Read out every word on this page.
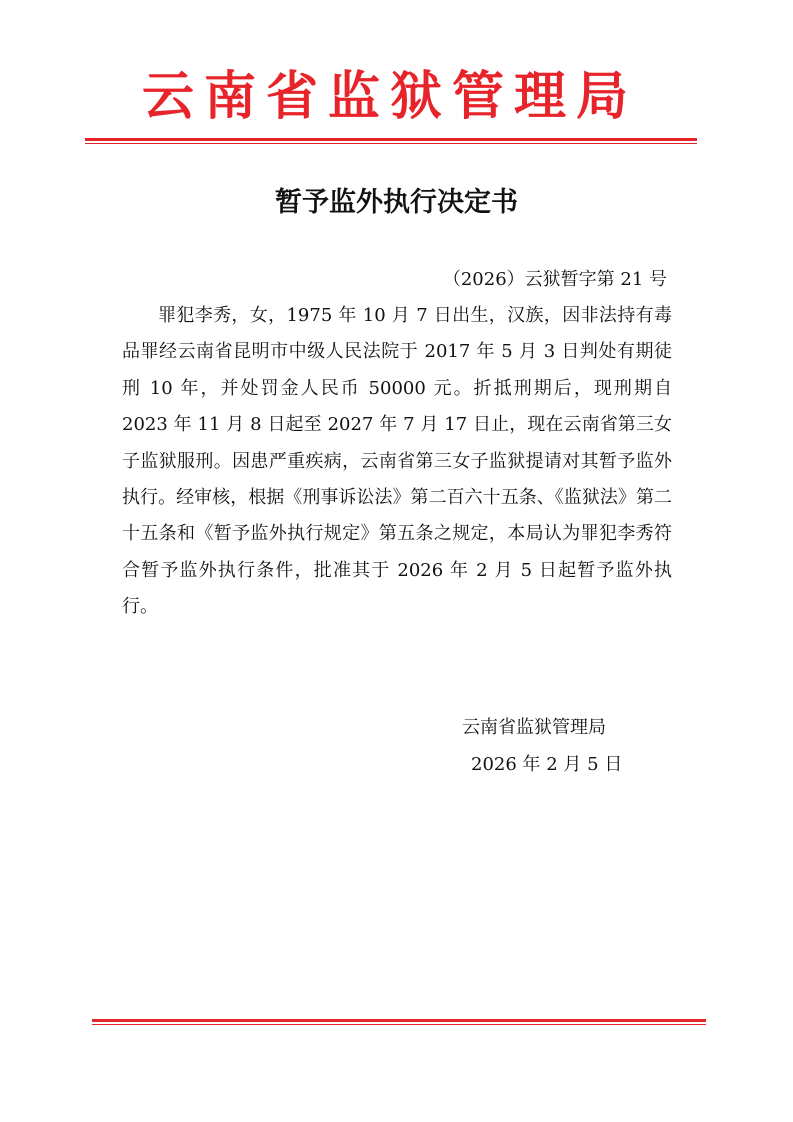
云南省监狱管理局
暂予监外执行决定书
（2026）云狱暂字第 21 号

罪犯李秀，女，1975 年 10 月 7 日出生，汉族，因非法持有毒品罪经云南省昆明市中级人民法院于 2017 年 5 月 3 日判处有期徒刑 10 年，并处罚金人民币 50000 元。折抵刑期后，现刑期自 2023 年 11 月 8 日起至 2027 年 7 月 17 日止，现在云南省第三女子监狱服刑。因患严重疾病，云南省第三女子监狱提请对其暂予监外执行。经审核，根据《刑事诉讼法》第二百六十五条、《监狱法》第二十五条和《暂予监外执行规定》第五条之规定，本局认为罪犯李秀符合暂予监外执行条件，批准其于 2026 年 2 月 5 日起暂予监外执行。

云南省监狱管理局
2026 年 2 月 5 日
